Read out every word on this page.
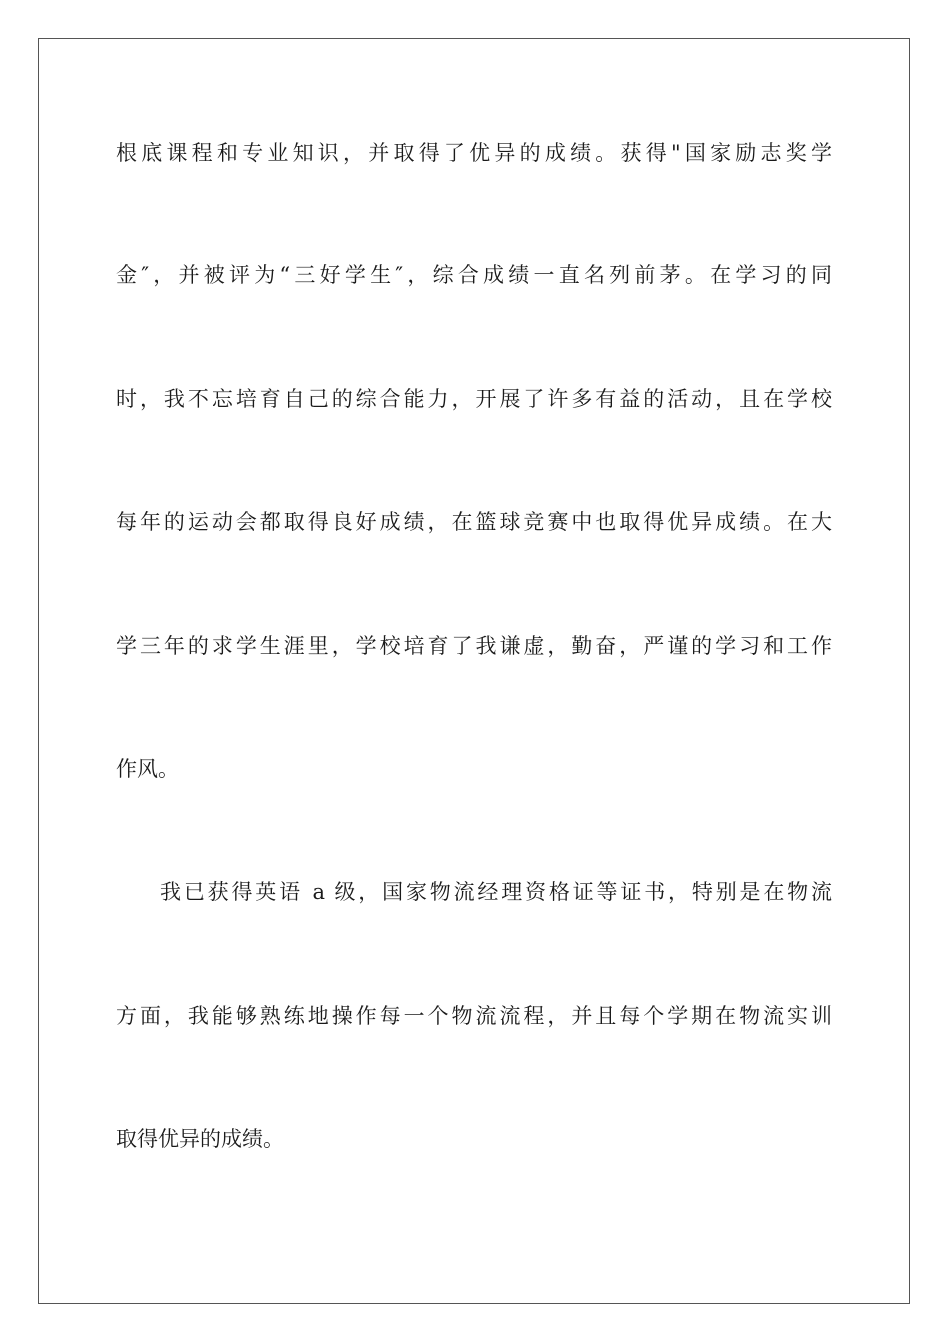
根底课程和专业知识，并取得了优异的成绩。获得"国家励志奖学
金″，并被评为“三好学生″，综合成绩一直名列前茅。在学习的同
时，我不忘培育自己的综合能力，开展了许多有益的活动，且在学校
每年的运动会都取得良好成绩，在篮球竞赛中也取得优异成绩。在大
学三年的求学生涯里，学校培育了我谦虚，勤奋，严谨的学习和工作
作风。
我已获得英语 a 级，国家物流经理资格证等证书，特别是在物流
方面，我能够熟练地操作每一个物流流程，并且每个学期在物流实训
取得优异的成绩。
